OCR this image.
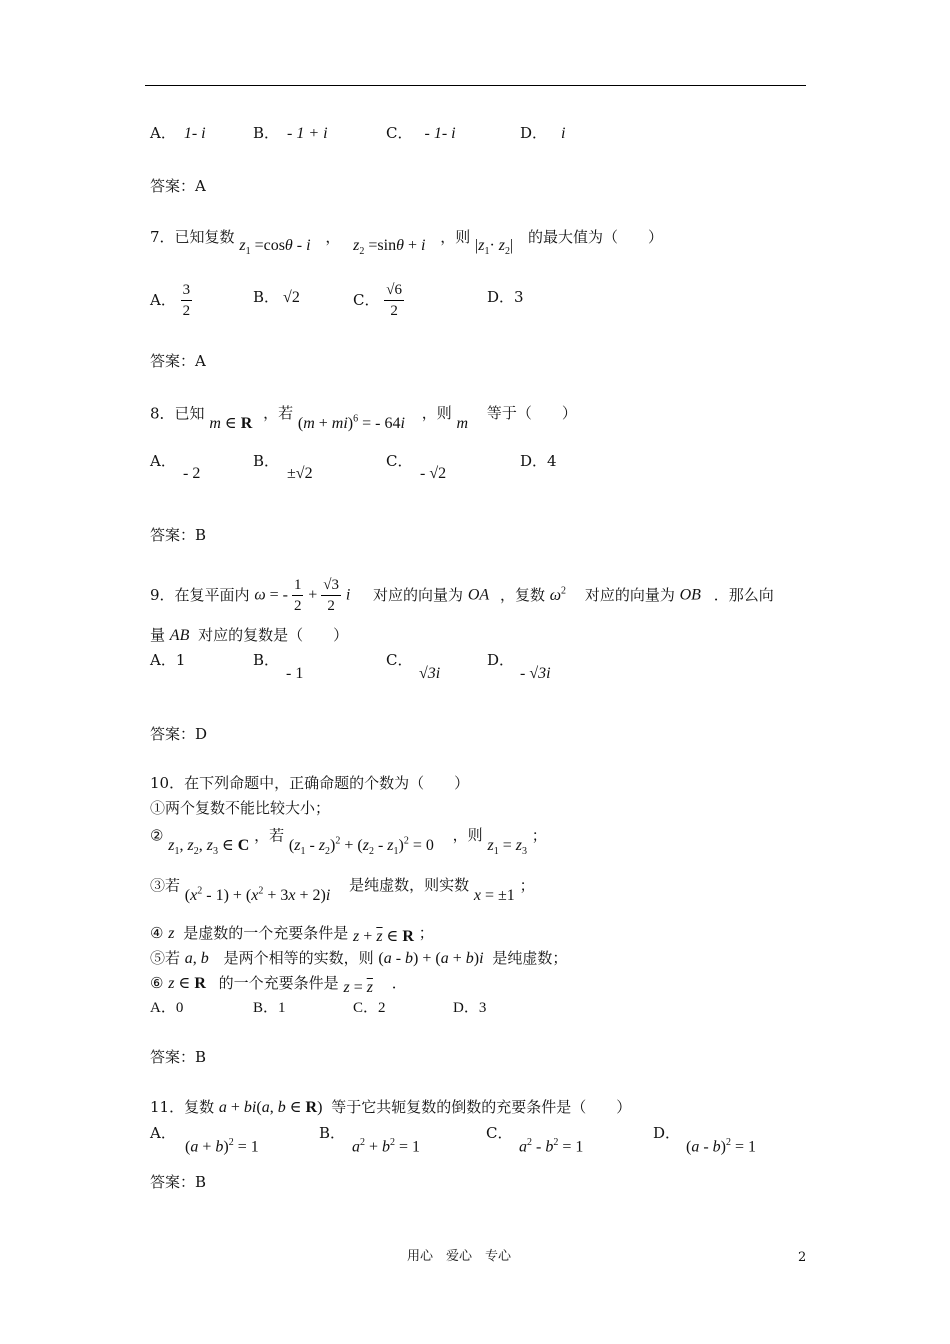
A． 1- i	B． - 1 + i	C． - 1- i	D． i
答案：A
7．已知复数 $z_1 =\cos\theta - i$ ， $z_2 =\sin\theta + i$ ，则 $|z_1\cdot z_2|$ 的最大值为（　　）
A． $\frac{3}{2}$	B． √2	C． $\frac{√6}{2}$	D．3
答案：A
8．已知 m ∈ R ，若 (m + mi)$^6$ = - 64i ，则 m 等于（　　）
A．
- 2
B．
±√2
C．
- √2
D．4
答案：B
9．在复平面内 ω = - $\frac{1}{2} + \frac{√3}{2}$ i 对应的向量为 OA ，复数 $\omega^2$ 对应的向量为 OB ．那么向
量 AB 对应的复数是（　　）
A．1	B．
- 1
C．
√3i
D．
- √3i
答案：D
10．在下列命题中，正确命题的个数为（　　）
①两个复数不能比较大小；
② $z_1$, $z_2$, $z_3$ ∈ C ，若 $(z_1 - z_2)^2 + (z_2 - z_1)^2 = 0$ ，则 $z_1 = z_3$ ；
③若 $(x^2 - 1) + (x^2 + 3x + 2)i$ 是纯虚数，则实数 x = ±1 ；
④ z 是虚数的一个充要条件是 $z + \overline{z}$ ∈ R ；
⑤若 a, b 是两个相等的实数，则 (a - b) + (a + b)i 是纯虚数；
⑥ z ∈ R 的一个充要条件是 $z = \overline{z}$ ．
A．0	B．1	C．2	D．3
答案：B
11．复数 a + bi(a, b ∈ R) 等于它共轭复数的倒数的充要条件是（　　）
A．
$(a + b)^2 = 1$
B．
$a^2 + b^2 = 1$
C．
$a^2 - b^2 = 1$
D．
(a - b)$^2$ = 1
答案：B
用心　爱心　专心	2
